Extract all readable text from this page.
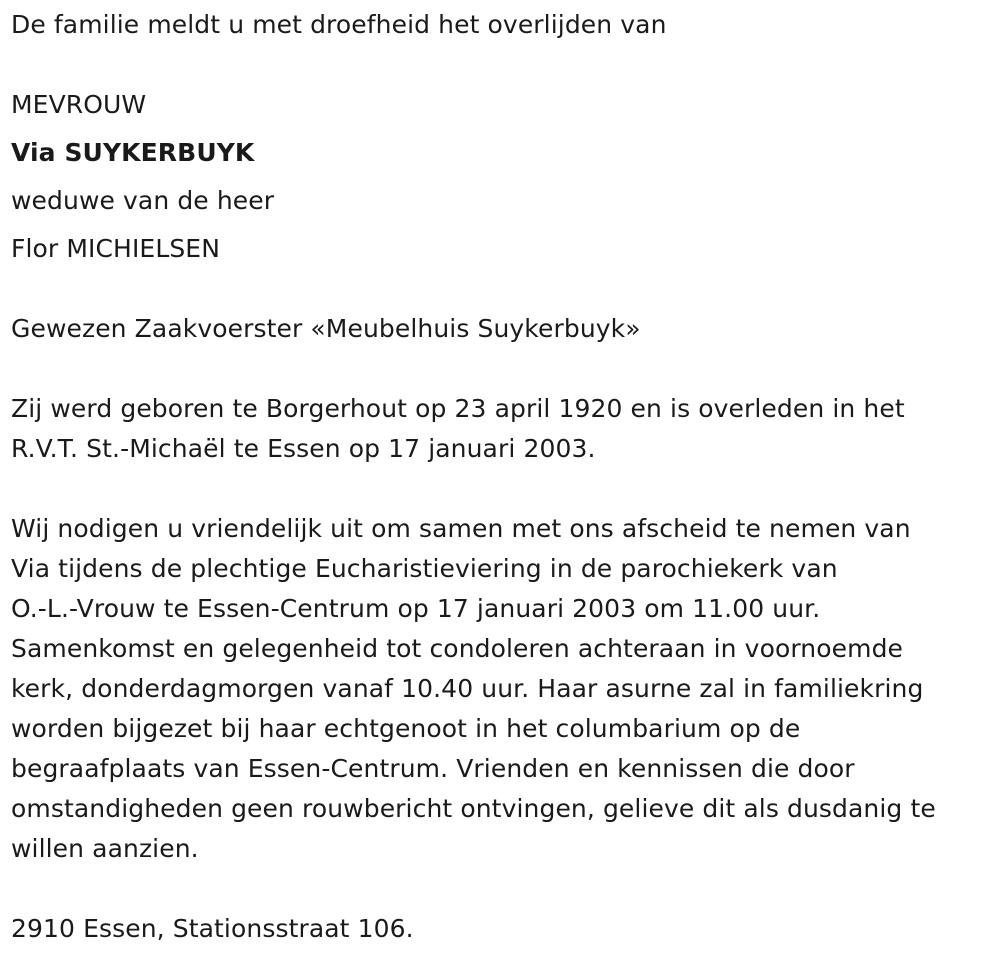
De familie meldt u met droefheid het overlijden van
MEVROUW
Via SUYKERBUYK
weduwe van de heer
Flor MICHIELSEN
Gewezen Zaakvoerster «Meubelhuis Suykerbuyk»
Zij werd geboren te Borgerhout op 23 april 1920 en is overleden in het
R.V.T. St.-Michaël te Essen op 17 januari 2003.
Wij nodigen u vriendelijk uit om samen met ons afscheid te nemen van
Via tijdens de plechtige Eucharistieviering in de parochiekerk van
O.-L.-Vrouw te Essen-Centrum op 17 januari 2003 om 11.00 uur.
Samenkomst en gelegenheid tot condoleren achteraan in voornoemde
kerk, donderdagmorgen vanaf 10.40 uur. Haar asurne zal in familiekring
worden bijgezet bij haar echtgenoot in het columbarium op de
begraafplaats van Essen-Centrum. Vrienden en kennissen die door
omstandigheden geen rouwbericht ontvingen, gelieve dit als dusdanig te
willen aanzien.
2910 Essen, Stationsstraat 106.
